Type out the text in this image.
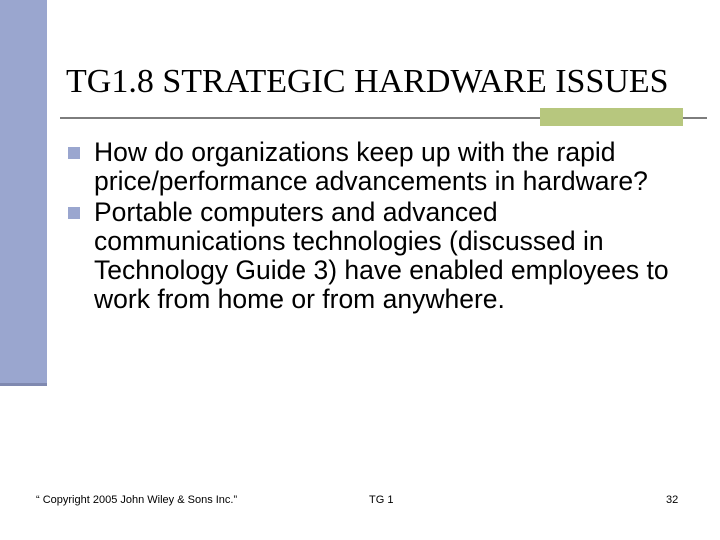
TG1.8 STRATEGIC HARDWARE ISSUES
How do organizations keep up with the rapid price/performance advancements in hardware?
Portable computers and advanced communications technologies (discussed in Technology Guide 3) have enabled employees to work from home or from anywhere.
“ Copyright 2005 John Wiley & Sons Inc.”	TG 1	32
